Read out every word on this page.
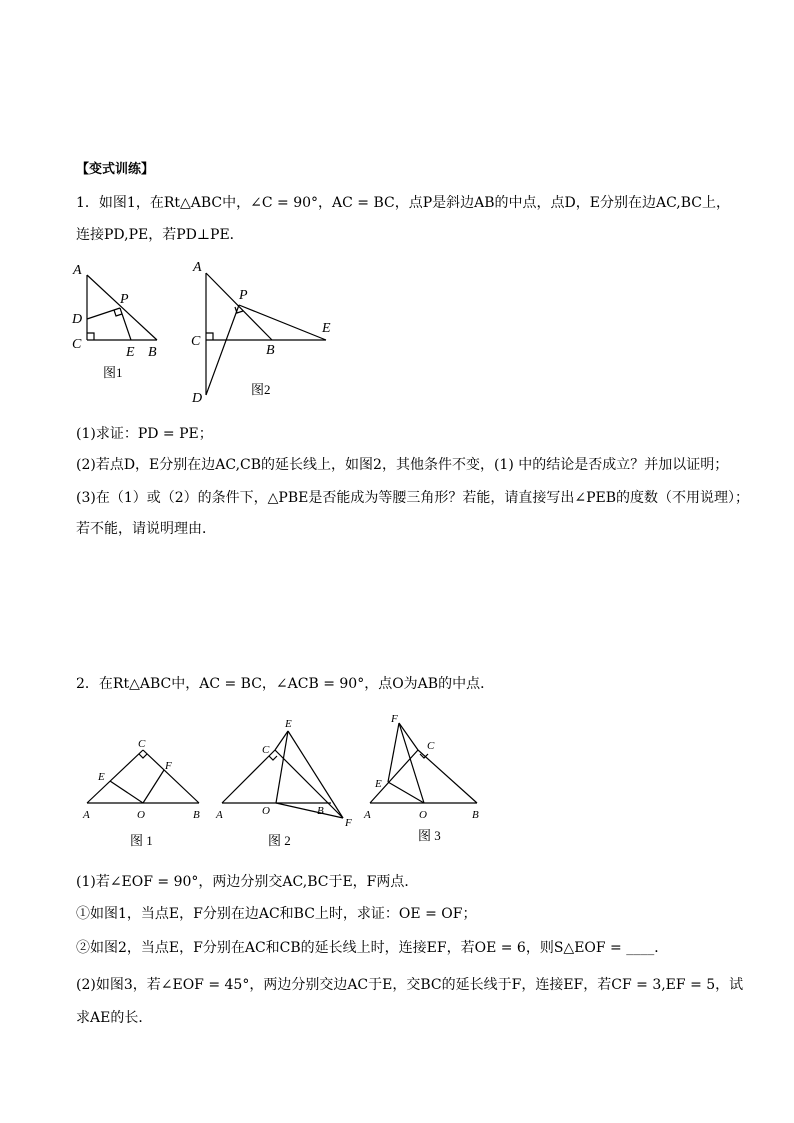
【变式训练】
1．如图1，在Rt△ABC中，∠C = 90°，AC = BC，点P是斜边AB的中点，点D，E分别在边AC,BC上，
连接PD,PE，若PD⊥PE．
A
P
D
C
E B
图1
A
P
E
C
B
D
图2
(1)求证：PD = PE；
(2)若点D，E分别在边AC,CB的延长线上，如图2，其他条件不变，(1) 中的结论是否成立？并加以证明；
(3)在（1）或（2）的条件下，△PBE是否能成为等腰三角形？若能，请直接写出∠PEB的度数（不用说理）；
若不能，请说明理由．
2．在Rt△ABC中，AC = BC，∠ACB = 90°，点O为AB的中点．
C
E
F
A	O	B
图 1
E
C
A	O	B
F
图 2
F
C
E
A	O	B
图 3
(1)若∠EOF = 90°，两边分别交AC,BC于E，F两点．
①如图1，当点E，F分别在边AC和BC上时，求证：OE = OF；
②如图2，当点E，F分别在AC和CB的延长线上时，连接EF，若OE = 6，则S△EOF = ____．
(2)如图3，若∠EOF = 45°，两边分别交边AC于E，交BC的延长线于F，连接EF，若CF = 3,EF = 5，试
求AE的长．
